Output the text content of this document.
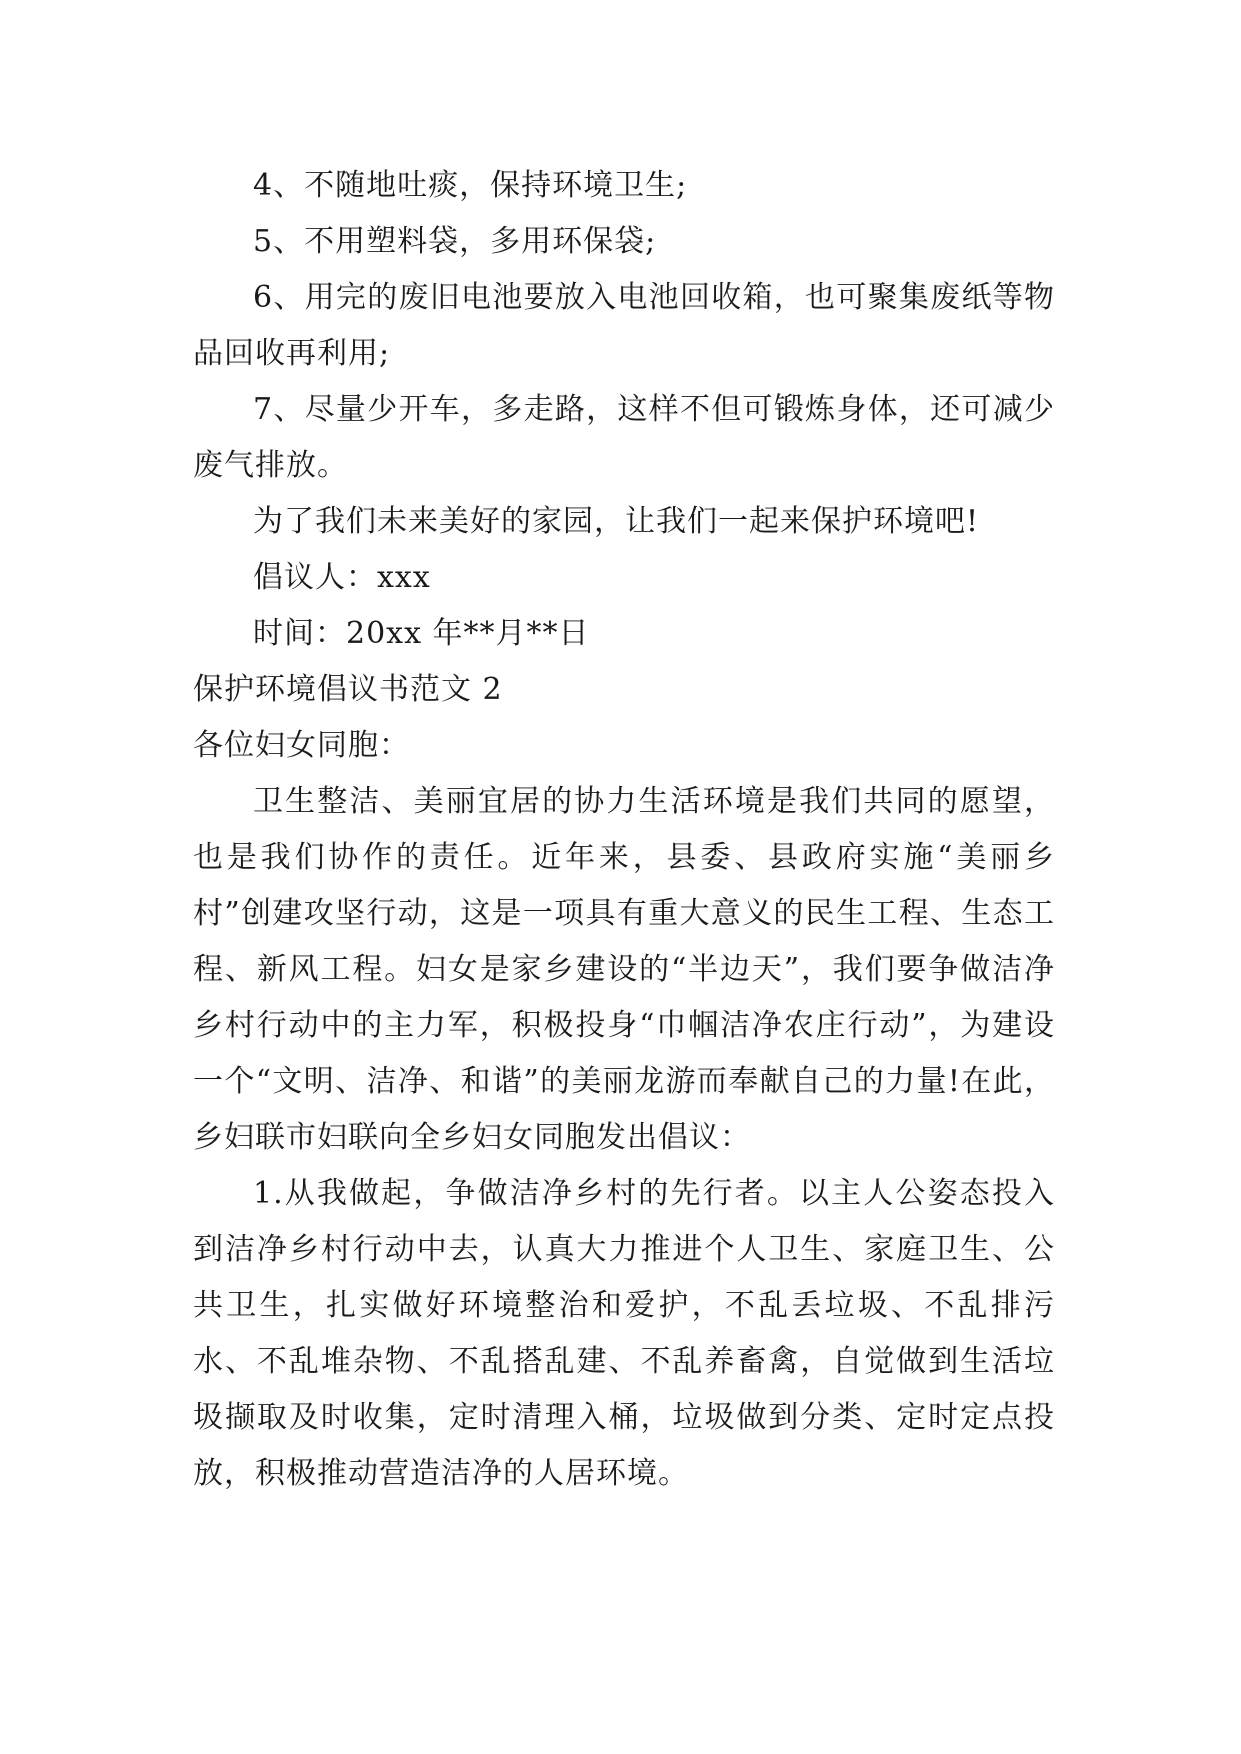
4、不随地吐痰，保持环境卫生;

5、不用塑料袋，多用环保袋;

6、用完的废旧电池要放入电池回收箱，也可聚集废纸等物品回收再利用;

7、尽量少开车，多走路，这样不但可锻炼身体，还可减少废气排放。

为了我们未来美好的家园，让我们一起来保护环境吧!

倡议人：xxx

时间：20xx 年**月**日

保护环境倡议书范文 2

各位妇女同胞：

卫生整洁、美丽宜居的协力生活环境是我们共同的愿望，也是我们协作的责任。近年来，县委、县政府实施“美丽乡村”创建攻坚行动，这是一项具有重大意义的民生工程、生态工程、新风工程。妇女是家乡建设的“半边天”，我们要争做洁净乡村行动中的主力军，积极投身“巾帼洁净农庄行动”，为建设一个“文明、洁净、和谐”的美丽龙游而奉献自己的力量!在此，乡妇联市妇联向全乡妇女同胞发出倡议：

1.从我做起，争做洁净乡村的先行者。以主人公姿态投入到洁净乡村行动中去，认真大力推进个人卫生、家庭卫生、公共卫生，扎实做好环境整治和爱护，不乱丢垃圾、不乱排污水、不乱堆杂物、不乱搭乱建、不乱养畜禽，自觉做到生活垃圾撷取及时收集，定时清理入桶，垃圾做到分类、定时定点投放，积极推动营造洁净的人居环境。
